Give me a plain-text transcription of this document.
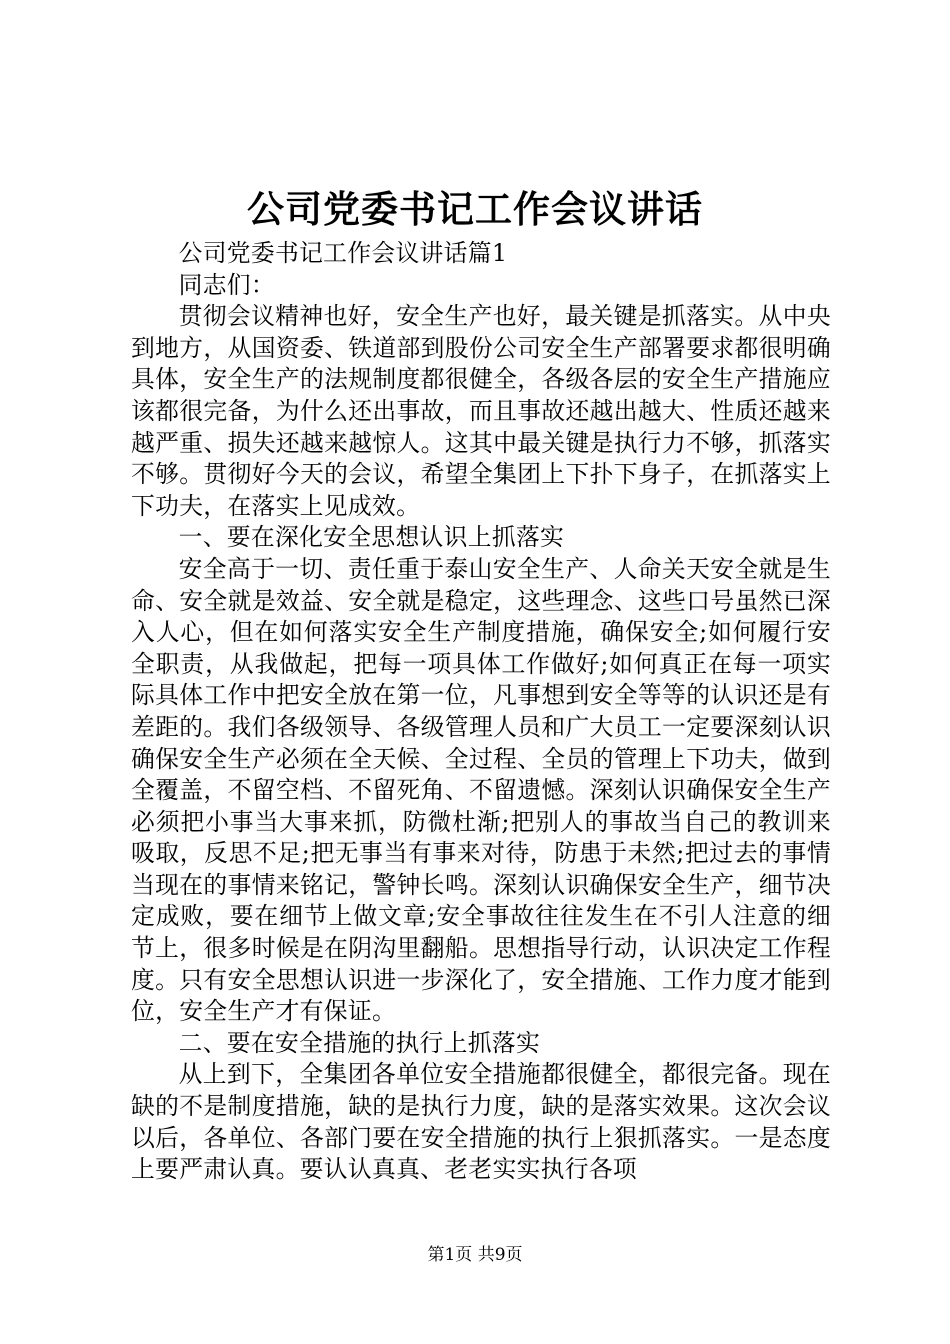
公司党委书记工作会议讲话

公司党委书记工作会议讲话篇1

同志们：

贯彻会议精神也好，安全生产也好，最关键是抓落实。从中央到地方，从国资委、铁道部到股份公司安全生产部署要求都很明确具体，安全生产的法规制度都很健全，各级各层的安全生产措施应该都很完备，为什么还出事故，而且事故还越出越大、性质还越来越严重、损失还越来越惊人。这其中最关键是执行力不够，抓落实不够。贯彻好今天的会议，希望全集团上下扑下身子，在抓落实上下功夫，在落实上见成效。

一、要在深化安全思想认识上抓落实

安全高于一切、责任重于泰山安全生产、人命关天安全就是生命、安全就是效益、安全就是稳定，这些理念、这些口号虽然已深入人心，但在如何落实安全生产制度措施，确保安全;如何履行安全职责，从我做起，把每一项具体工作做好;如何真正在每一项实际具体工作中把安全放在第一位，凡事想到安全等等的认识还是有差距的。我们各级领导、各级管理人员和广大员工一定要深刻认识确保安全生产必须在全天候、全过程、全员的管理上下功夫，做到全覆盖，不留空档、不留死角、不留遗憾。深刻认识确保安全生产必须把小事当大事来抓，防微杜渐;把别人的事故当自己的教训来吸取，反思不足;把无事当有事来对待，防患于未然;把过去的事情当现在的事情来铭记，警钟长鸣。深刻认识确保安全生产，细节决定成败，要在细节上做文章;安全事故往往发生在不引人注意的细节上，很多时候是在阴沟里翻船。思想指导行动，认识决定工作程度。只有安全思想认识进一步深化了，安全措施、工作力度才能到位，安全生产才有保证。

二、要在安全措施的执行上抓落实

从上到下，全集团各单位安全措施都很健全，都很完备。现在缺的不是制度措施，缺的是执行力度，缺的是落实效果。这次会议以后，各单位、各部门要在安全措施的执行上狠抓落实。一是态度上要严肃认真。要认认真真、老老实实执行各项

第1页 共9页
